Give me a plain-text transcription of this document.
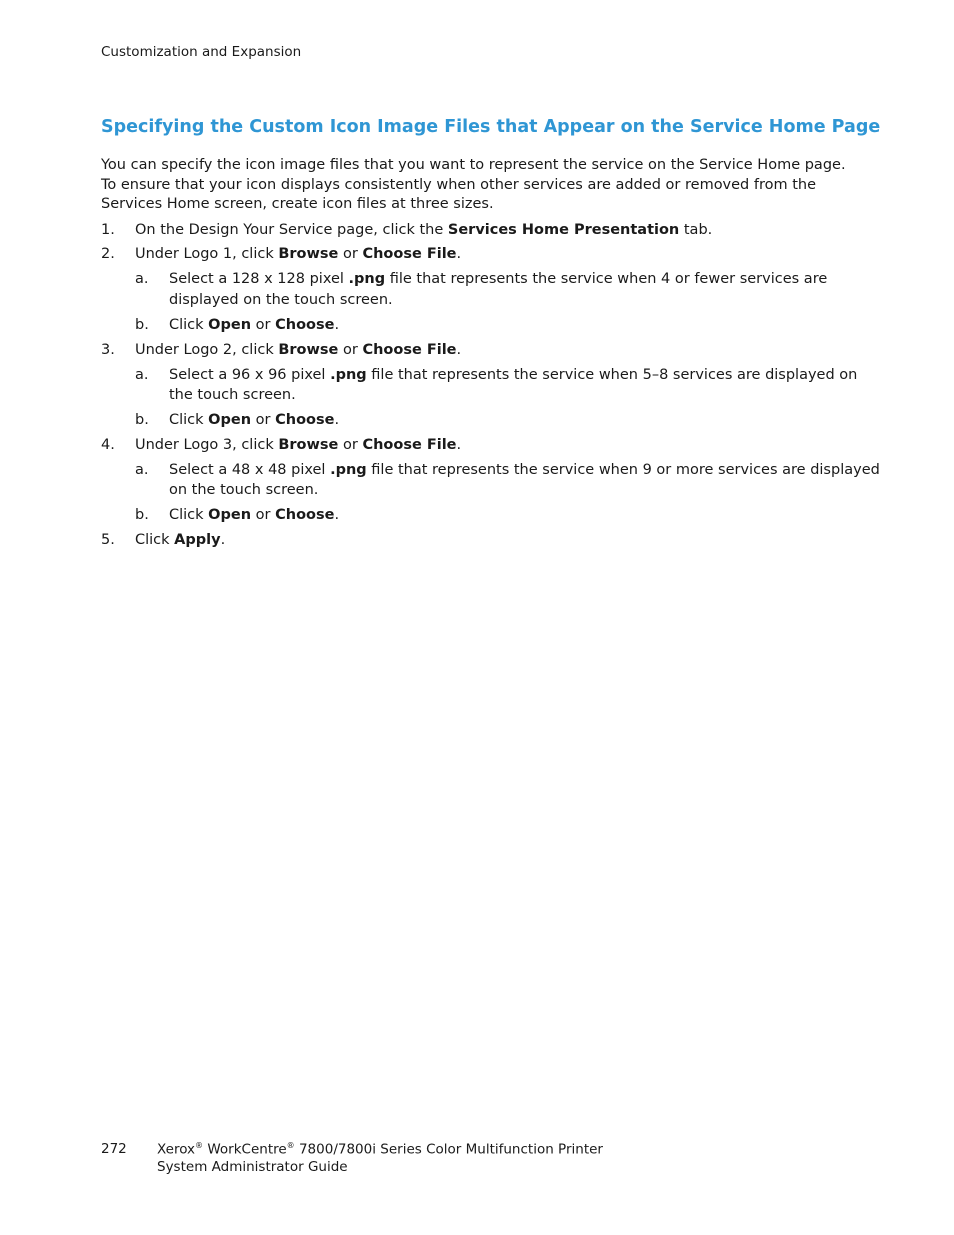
Customization and Expansion
Specifying the Custom Icon Image Files that Appear on the Service Home Page

You can specify the icon image files that you want to represent the service on the Service Home page. To ensure that your icon displays consistently when other services are added or removed from the Services Home screen, create icon files at three sizes.

1. On the Design Your Service page, click the Services Home Presentation tab.
2. Under Logo 1, click Browse or Choose File.
a. Select a 128 x 128 pixel .png file that represents the service when 4 or fewer services are
displayed on the touch screen.
b. Click Open or Choose.
3. Under Logo 2, click Browse or Choose File.
a. Select a 96 x 96 pixel .png file that represents the service when 5–8 services are displayed on
the touch screen.
b. Click Open or Choose.
4. Under Logo 3, click Browse or Choose File.
a. Select a 48 x 48 pixel .png file that represents the service when 9 or more services are displayed
on the touch screen.
b. Click Open or Choose.
5. Click Apply.
272 Xerox® WorkCentre® 7800/7800i Series Color Multifunction Printer
System Administrator Guide
